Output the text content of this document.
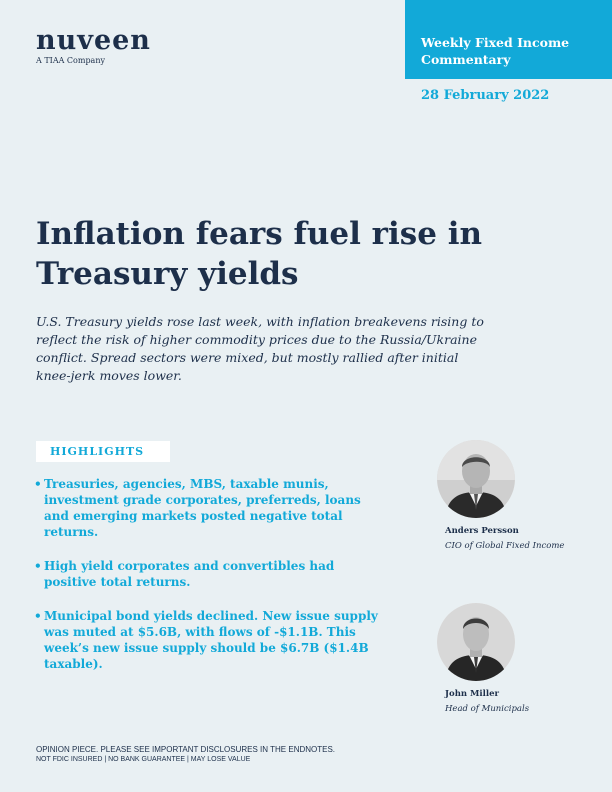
nuveen
A TIAA Company
Weekly Fixed Income
Commentary
28 February 2022
Inflation fears fuel rise in
Treasury yields

U.S. Treasury yields rose last week, with inflation breakevens rising to reflect the risk of higher commodity prices due to the Russia/Ukraine conflict. Spread sectors were mixed, but mostly rallied after initial knee-jerk moves lower.

HIGHLIGHTS
• Treasuries, agencies, MBS, taxable munis, investment grade corporates, preferreds, loans and emerging markets posted negative total returns.
• High yield corporates and convertibles had positive total returns.
• Municipal bond yields declined. New issue supply was muted at $5.6B, with flows of -$1.1B. This week’s new issue supply should be $6.7B ($1.4B taxable).
Anders Persson
CIO of Global Fixed Income
John Miller
Head of Municipals
OPINION PIECE. PLEASE SEE IMPORTANT DISCLOSURES IN THE ENDNOTES.
NOT FDIC INSURED | NO BANK GUARANTEE | MAY LOSE VALUE
